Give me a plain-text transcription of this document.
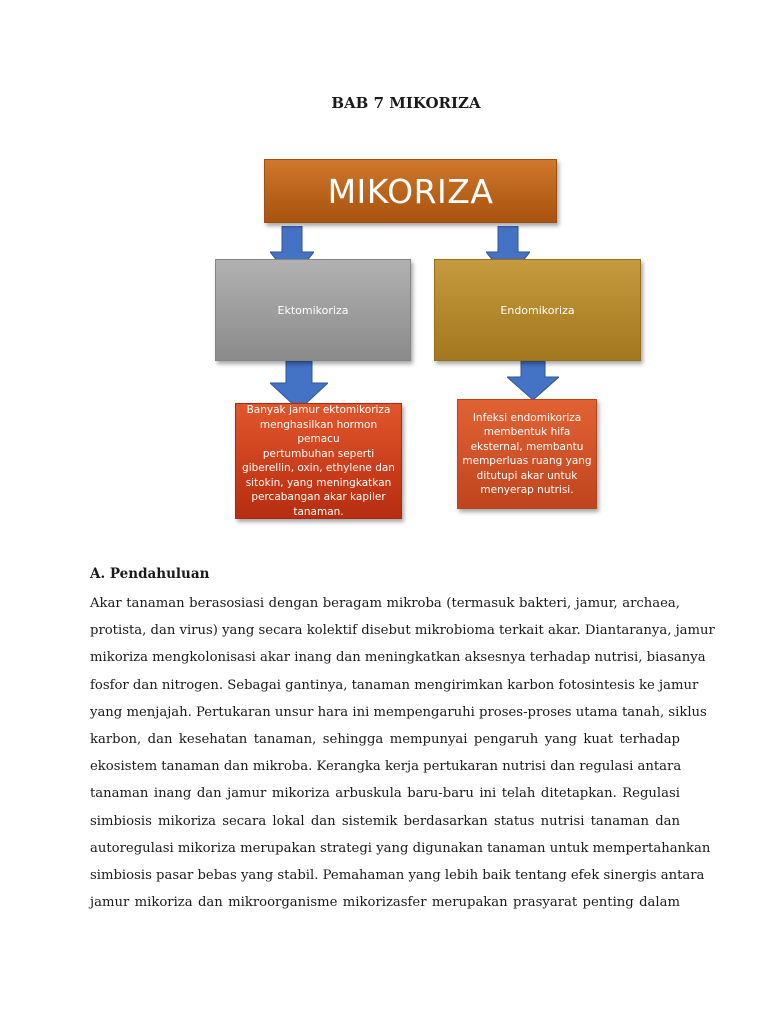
BAB 7 MIKORIZA
MIKORIZA
Ektomikoriza	Endomikoriza
Banyak jamur ektomikoriza
menghasilkan hormon pemacu
pertumbuhan seperti
giberellin, oxin, ethylene dan
sitokin, yang meningkatkan
percabangan akar kapiler
tanaman.
Infeksi endomikoriza
membentuk hifa
eksternal, membantu
memperluas ruang yang
ditutupi akar untuk
menyerap nutrisi.
A. Pendahuluan
Akar tanaman berasosiasi dengan beragam mikroba (termasuk bakteri, jamur, archaea,
protista, dan virus) yang secara kolektif disebut mikrobioma terkait akar. Diantaranya, jamur
mikoriza mengkolonisasi akar inang dan meningkatkan aksesnya terhadap nutrisi, biasanya
fosfor dan nitrogen. Sebagai gantinya, tanaman mengirimkan karbon fotosintesis ke jamur
yang menjajah. Pertukaran unsur hara ini mempengaruhi proses-proses utama tanah, siklus
karbon, dan kesehatan tanaman, sehingga mempunyai pengaruh yang kuat terhadap
ekosistem tanaman dan mikroba. Kerangka kerja pertukaran nutrisi dan regulasi antara
tanaman inang dan jamur mikoriza arbuskula baru-baru ini telah ditetapkan. Regulasi
simbiosis mikoriza secara lokal dan sistemik berdasarkan status nutrisi tanaman dan
autoregulasi mikoriza merupakan strategi yang digunakan tanaman untuk mempertahankan
simbiosis pasar bebas yang stabil. Pemahaman yang lebih baik tentang efek sinergis antara
jamur mikoriza dan mikroorganisme mikorizasfer merupakan prasyarat penting dalam
